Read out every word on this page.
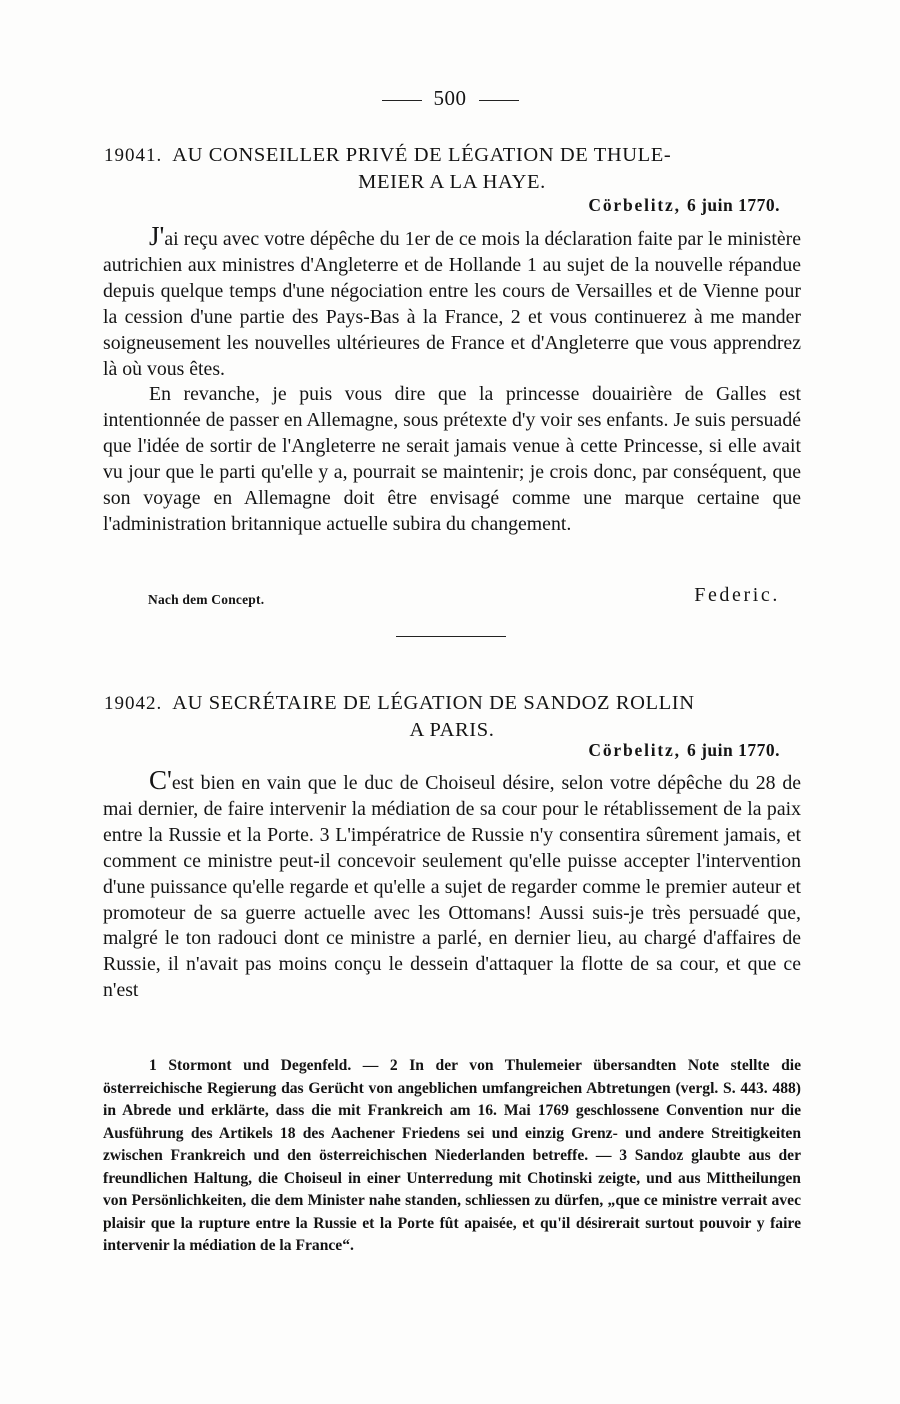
500
19041. AU CONSEILLER PRIVÉ DE LÉGATION DE THULE-
MEIER A LA HAYE.
Cörbelitz, 6 juin 1770.

J'ai reçu avec votre dépêche du 1er de ce mois la déclaration faite par le ministère autrichien aux ministres d'Angleterre et de Hollande 1 au sujet de la nouvelle répandue depuis quelque temps d'une négociation entre les cours de Versailles et de Vienne pour la cession d'une partie des Pays-Bas à la France, 2 et vous continuerez à me mander soigneusement les nouvelles ultérieures de France et d'Angleterre que vous apprendrez là où vous êtes.

En revanche, je puis vous dire que la princesse douairière de Galles est intentionnée de passer en Allemagne, sous prétexte d'y voir ses enfants. Je suis persuadé que l'idée de sortir de l'Angleterre ne serait jamais venue à cette Princesse, si elle avait vu jour que le parti qu'elle y a, pourrait se maintenir; je crois donc, par conséquent, que son voyage en Allemagne doit être envisagé comme une marque certaine que l'administration britannique actuelle subira du changement.

Nach dem Concept.	Federic.
19042. AU SECRÉTAIRE DE LÉGATION DE SANDOZ ROLLIN
A PARIS.
Cörbelitz, 6 juin 1770.

C'est bien en vain que le duc de Choiseul désire, selon votre dépêche du 28 de mai dernier, de faire intervenir la médiation de sa cour pour le rétablissement de la paix entre la Russie et la Porte. 3 L'impératrice de Russie n'y consentira sûrement jamais, et comment ce ministre peut-il concevoir seulement qu'elle puisse accepter l'intervention d'une puissance qu'elle regarde et qu'elle a sujet de regarder comme le premier auteur et promoteur de sa guerre actuelle avec les Ottomans! Aussi suis-je très persuadé que, malgré le ton radouci dont ce ministre a parlé, en dernier lieu, au chargé d'affaires de Russie, il n'avait pas moins conçu le dessein d'attaquer la flotte de sa cour, et que ce n'est

1 Stormont und Degenfeld. — 2 In der von Thulemeier übersandten Note stellte die österreichische Regierung das Gerücht von angeblichen umfangreichen Abtretungen (vergl. S. 443. 488) in Abrede und erklärte, dass die mit Frankreich am 16. Mai 1769 geschlossene Convention nur die Ausführung des Artikels 18 des Aachener Friedens sei und einzig Grenz- und andere Streitigkeiten zwischen Frankreich und den österreichischen Niederlanden betreffe. — 3 Sandoz glaubte aus der freundlichen Haltung, die Choiseul in einer Unterredung mit Chotinski zeigte, und aus Mittheilungen von Persönlichkeiten, die dem Minister nahe standen, schliessen zu dürfen, „que ce ministre verrait avec plaisir que la rupture entre la Russie et la Porte fût apaisée, et qu'il désirerait surtout pouvoir y faire intervenir la médiation de la France“.
